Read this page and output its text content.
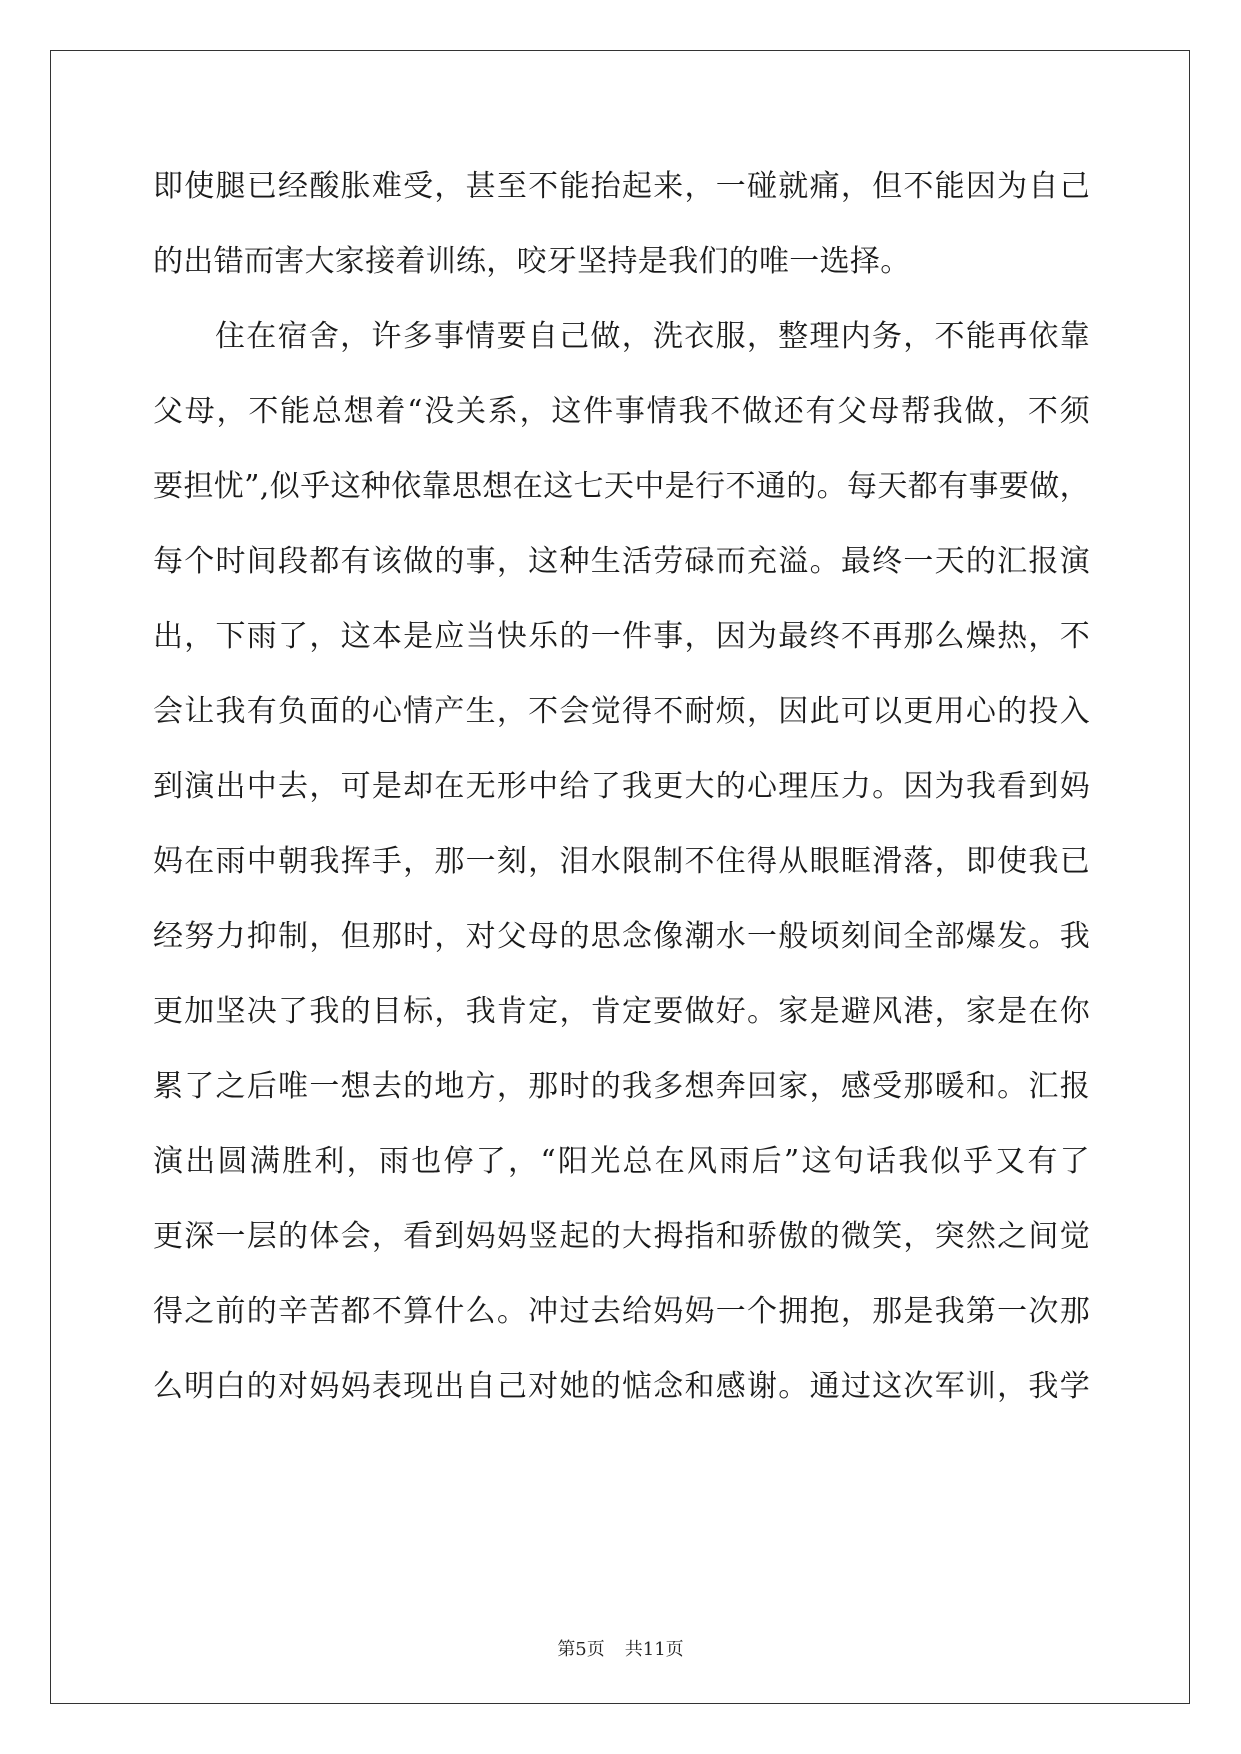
即使腿已经酸胀难受，甚至不能抬起来，一碰就痛，但不能因为自己
的出错而害大家接着训练，咬牙坚持是我们的唯一选择。
住在宿舍，许多事情要自己做，洗衣服，整理内务，不能再依靠
父母，不能总想着“没关系，这件事情我不做还有父母帮我做，不须
要担忧”,似乎这种依靠思想在这七天中是行不通的。每天都有事要做，
每个时间段都有该做的事，这种生活劳碌而充溢。最终一天的汇报演
出，下雨了，这本是应当快乐的一件事，因为最终不再那么燥热，不
会让我有负面的心情产生，不会觉得不耐烦，因此可以更用心的投入
到演出中去，可是却在无形中给了我更大的心理压力。因为我看到妈
妈在雨中朝我挥手，那一刻，泪水限制不住得从眼眶滑落，即使我已
经努力抑制，但那时，对父母的思念像潮水一般顷刻间全部爆发。我
更加坚决了我的目标，我肯定，肯定要做好。家是避风港，家是在你
累了之后唯一想去的地方，那时的我多想奔回家，感受那暖和。汇报
演出圆满胜利，雨也停了，“阳光总在风雨后”这句话我似乎又有了
更深一层的体会，看到妈妈竖起的大拇指和骄傲的微笑，突然之间觉
得之前的辛苦都不算什么。冲过去给妈妈一个拥抱，那是我第一次那
么明白的对妈妈表现出自己对她的惦念和感谢。通过这次军训，我学
第5页 共11页
